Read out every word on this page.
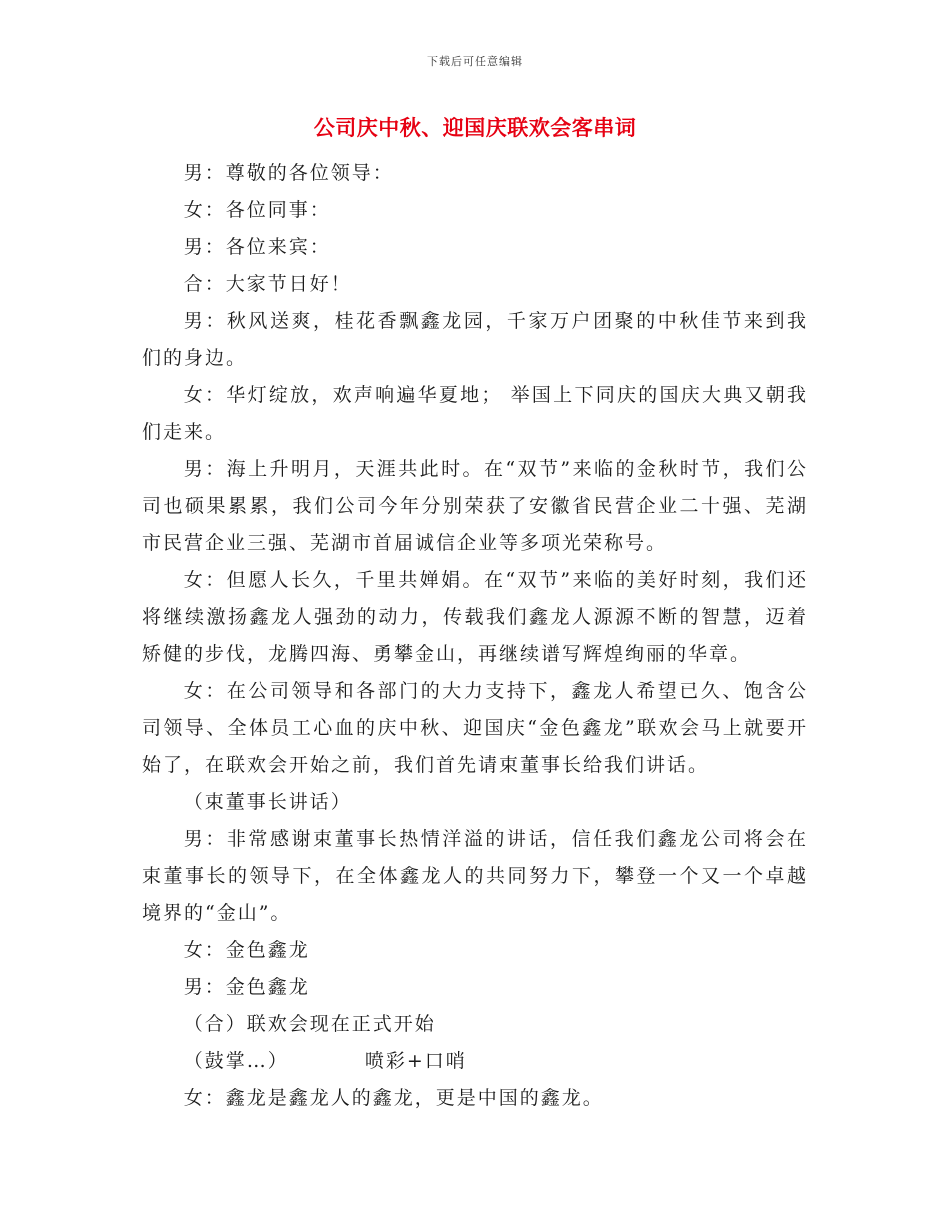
下载后可任意编辑
公司庆中秋、迎国庆联欢会客串词

男：尊敬的各位领导：

女：各位同事：

男：各位来宾：

合：大家节日好！

男：秋风送爽，桂花香飘鑫龙园，千家万户团聚的中秋佳节来到我们的身边。

女：华灯绽放，欢声响遍华夏地； 举国上下同庆的国庆大典又朝我们走来。

男：海上升明月，天涯共此时。在“双节”来临的金秋时节，我们公司也硕果累累，我们公司今年分别荣获了安徽省民营企业二十强、芜湖市民营企业三强、芜湖市首届诚信企业等多项光荣称号。

女：但愿人长久，千里共婵娟。在“双节”来临的美好时刻，我们还将继续激扬鑫龙人强劲的动力，传载我们鑫龙人源源不断的智慧，迈着矫健的步伐，龙腾四海、勇攀金山，再继续谱写辉煌绚丽的华章。

女：在公司领导和各部门的大力支持下，鑫龙人希望已久、饱含公司领导、全体员工心血的庆中秋、迎国庆“金色鑫龙”联欢会马上就要开始了，在联欢会开始之前，我们首先请束董事长给我们讲话。

（束董事长讲话）

男：非常感谢束董事长热情洋溢的讲话，信任我们鑫龙公司将会在束董事长的领导下，在全体鑫龙人的共同努力下，攀登一个又一个卓越境界的“金山”。

女：金色鑫龙

男：金色鑫龙

（合）联欢会现在正式开始

（鼓掌…）	喷彩+口哨

女：鑫龙是鑫龙人的鑫龙，更是中国的鑫龙。
